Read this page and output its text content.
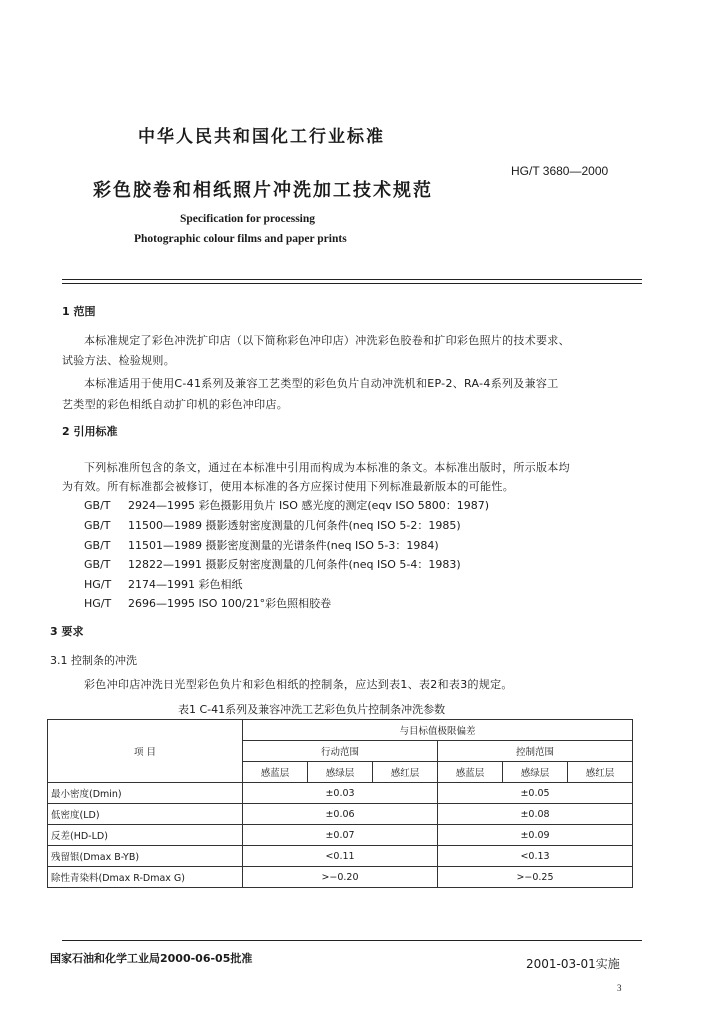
中华人民共和国化工行业标准
HG/T 3680—2000
彩色胶卷和相纸照片冲洗加工技术规范
Specification for processing
Photographic colour films and paper prints
1 范围
本标准规定了彩色冲洗扩印店（以下简称彩色冲印店）冲洗彩色胶卷和扩印彩色照片的技术要求、
试验方法、检验规则。
本标准适用于使用C-41系列及兼容工艺类型的彩色负片自动冲洗机和EP-2、RA-4系列及兼容工
艺类型的彩色相纸自动扩印机的彩色冲印店。
2 引用标准
下列标准所包含的条文，通过在本标准中引用而构成为本标准的条文。本标准出版时，所示版本均
为有效。所有标准都会被修订，使用本标准的各方应探讨使用下列标准最新版本的可能性。
GB/T 2924—1995 彩色摄影用负片 ISO 感光度的测定(eqv ISO 5800：1987)
GB/T 11500—1989 摄影透射密度测量的几何条件(neq ISO 5-2：1985)
GB/T 11501—1989 摄影密度测量的光谱条件(neq ISO 5-3：1984)
GB/T 12822—1991 摄影反射密度测量的几何条件(neq ISO 5-4：1983)
HG/T 2174—1991 彩色相纸
HG/T 2696—1995 ISO 100/21°彩色照相胶卷
3 要求
3.1 控制条的冲洗
彩色冲印店冲洗日光型彩色负片和彩色相纸的控制条，应达到表1、表2和表3的规定。
表1 C-41系列及兼容冲洗工艺彩色负片控制条冲洗参数
项 目	与目标值极限偏差					
	行动范围			控制范围		
	感蓝层	感绿层	感红层	感蓝层	感绿层	感红层
最小密度(Dmin)	±0.03			±0.05		
低密度(LD)	±0.06			±0.08		
反差(HD-LD)	±0.07			±0.09		
残留银(Dmax B-YB)	<0.11			<0.13		
除性青染料(Dmax R-Dmax G)	>−0.20			>−0.25		
国家石油和化学工业局2000-06-05批准	2001-03-01实施
3
